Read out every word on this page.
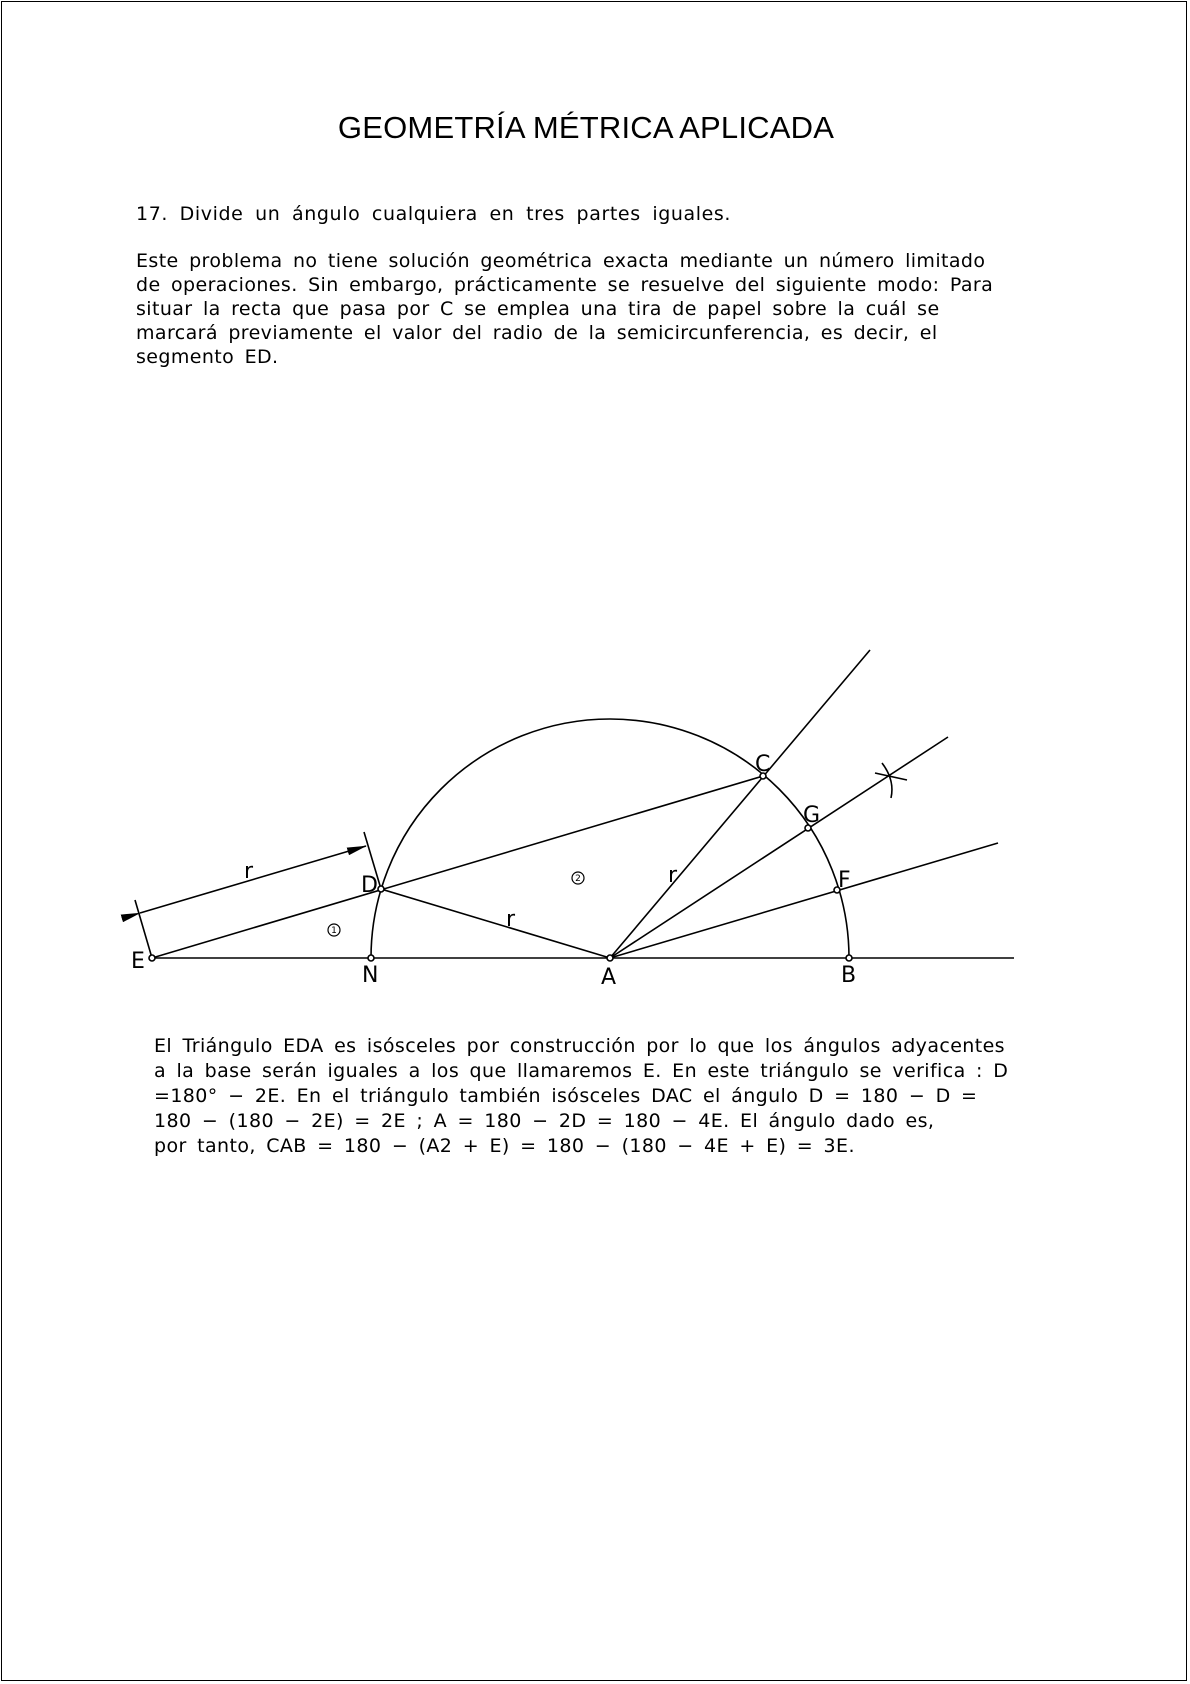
GEOMETRÍA MÉTRICA APLICADA
17. Divide un ángulo cualquiera en tres partes iguales.

Este problema no tiene solución geométrica exacta mediante un número limitado
de operaciones. Sin embargo, prácticamente se resuelve del siguiente modo: Para
situar la recta que pasa por C se emplea una tira de papel sobre la cuál se
marcará previamente el valor del radio de la semicircunferencia, es decir, el
segmento ED.

E
N	A	B
D
C
G
F
r
r
r
1
2

El Triángulo EDA es isósceles por construcción por lo que los ángulos adyacentes
a la base serán iguales a los que llamaremos E. En este triángulo se verifica : D
=180° − 2E. En el triángulo también isósceles DAC el ángulo D = 180 − D =
180 − (180 − 2E) = 2E ; A = 180 − 2D = 180 − 4E. El ángulo dado es,
por tanto, CAB = 180 − (A2 + E) = 180 − (180 − 4E + E) = 3E.
